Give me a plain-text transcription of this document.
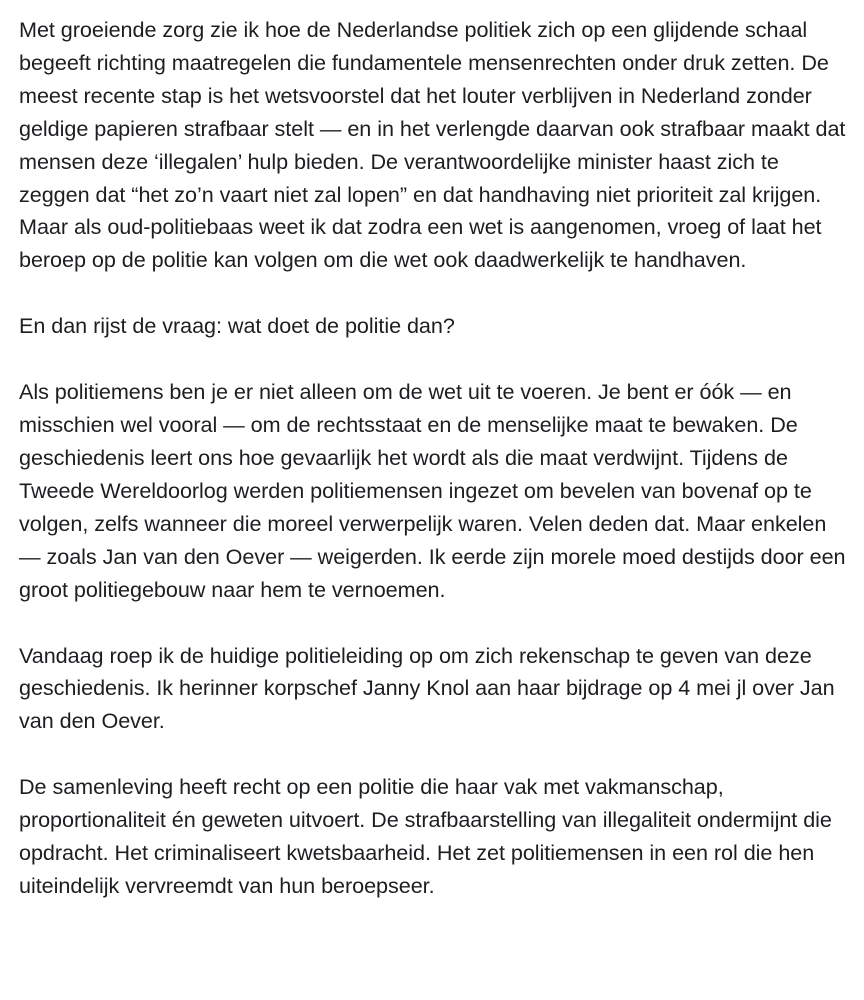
Met groeiende zorg zie ik hoe de Nederlandse politiek zich op een glijdende schaal begeeft richting maatregelen die fundamentele mensenrechten onder druk zetten. De meest recente stap is het wetsvoorstel dat het louter verblijven in Nederland zonder geldige papieren strafbaar stelt — en in het verlengde daarvan ook strafbaar maakt dat mensen deze ‘illegalen’ hulp bieden. De verantwoordelijke minister haast zich te zeggen dat “het zo’n vaart niet zal lopen” en dat handhaving niet prioriteit zal krijgen. Maar als oud-politiebaas weet ik dat zodra een wet is aangenomen, vroeg of laat het beroep op de politie kan volgen om die wet ook daadwerkelijk te handhaven.

En dan rijst de vraag: wat doet de politie dan?

Als politiemens ben je er niet alleen om de wet uit te voeren. Je bent er óók — en misschien wel vooral — om de rechtsstaat en de menselijke maat te bewaken. De geschiedenis leert ons hoe gevaarlijk het wordt als die maat verdwijnt. Tijdens de Tweede Wereldoorlog werden politiemensen ingezet om bevelen van bovenaf op te volgen, zelfs wanneer die moreel verwerpelijk waren. Velen deden dat. Maar enkelen — zoals Jan van den Oever — weigerden. Ik eerde zijn morele moed destijds door een groot politiegebouw naar hem te vernoemen.

Vandaag roep ik de huidige politieleiding op om zich rekenschap te geven van deze geschiedenis. Ik herinner korpschef Janny Knol aan haar bijdrage op 4 mei jl over Jan van den Oever.

De samenleving heeft recht op een politie die haar vak met vakmanschap, proportionaliteit én geweten uitvoert. De strafbaarstelling van illegaliteit ondermijnt die opdracht. Het criminaliseert kwetsbaarheid. Het zet politiemensen in een rol die hen uiteindelijk vervreemdt van hun beroepseer.
